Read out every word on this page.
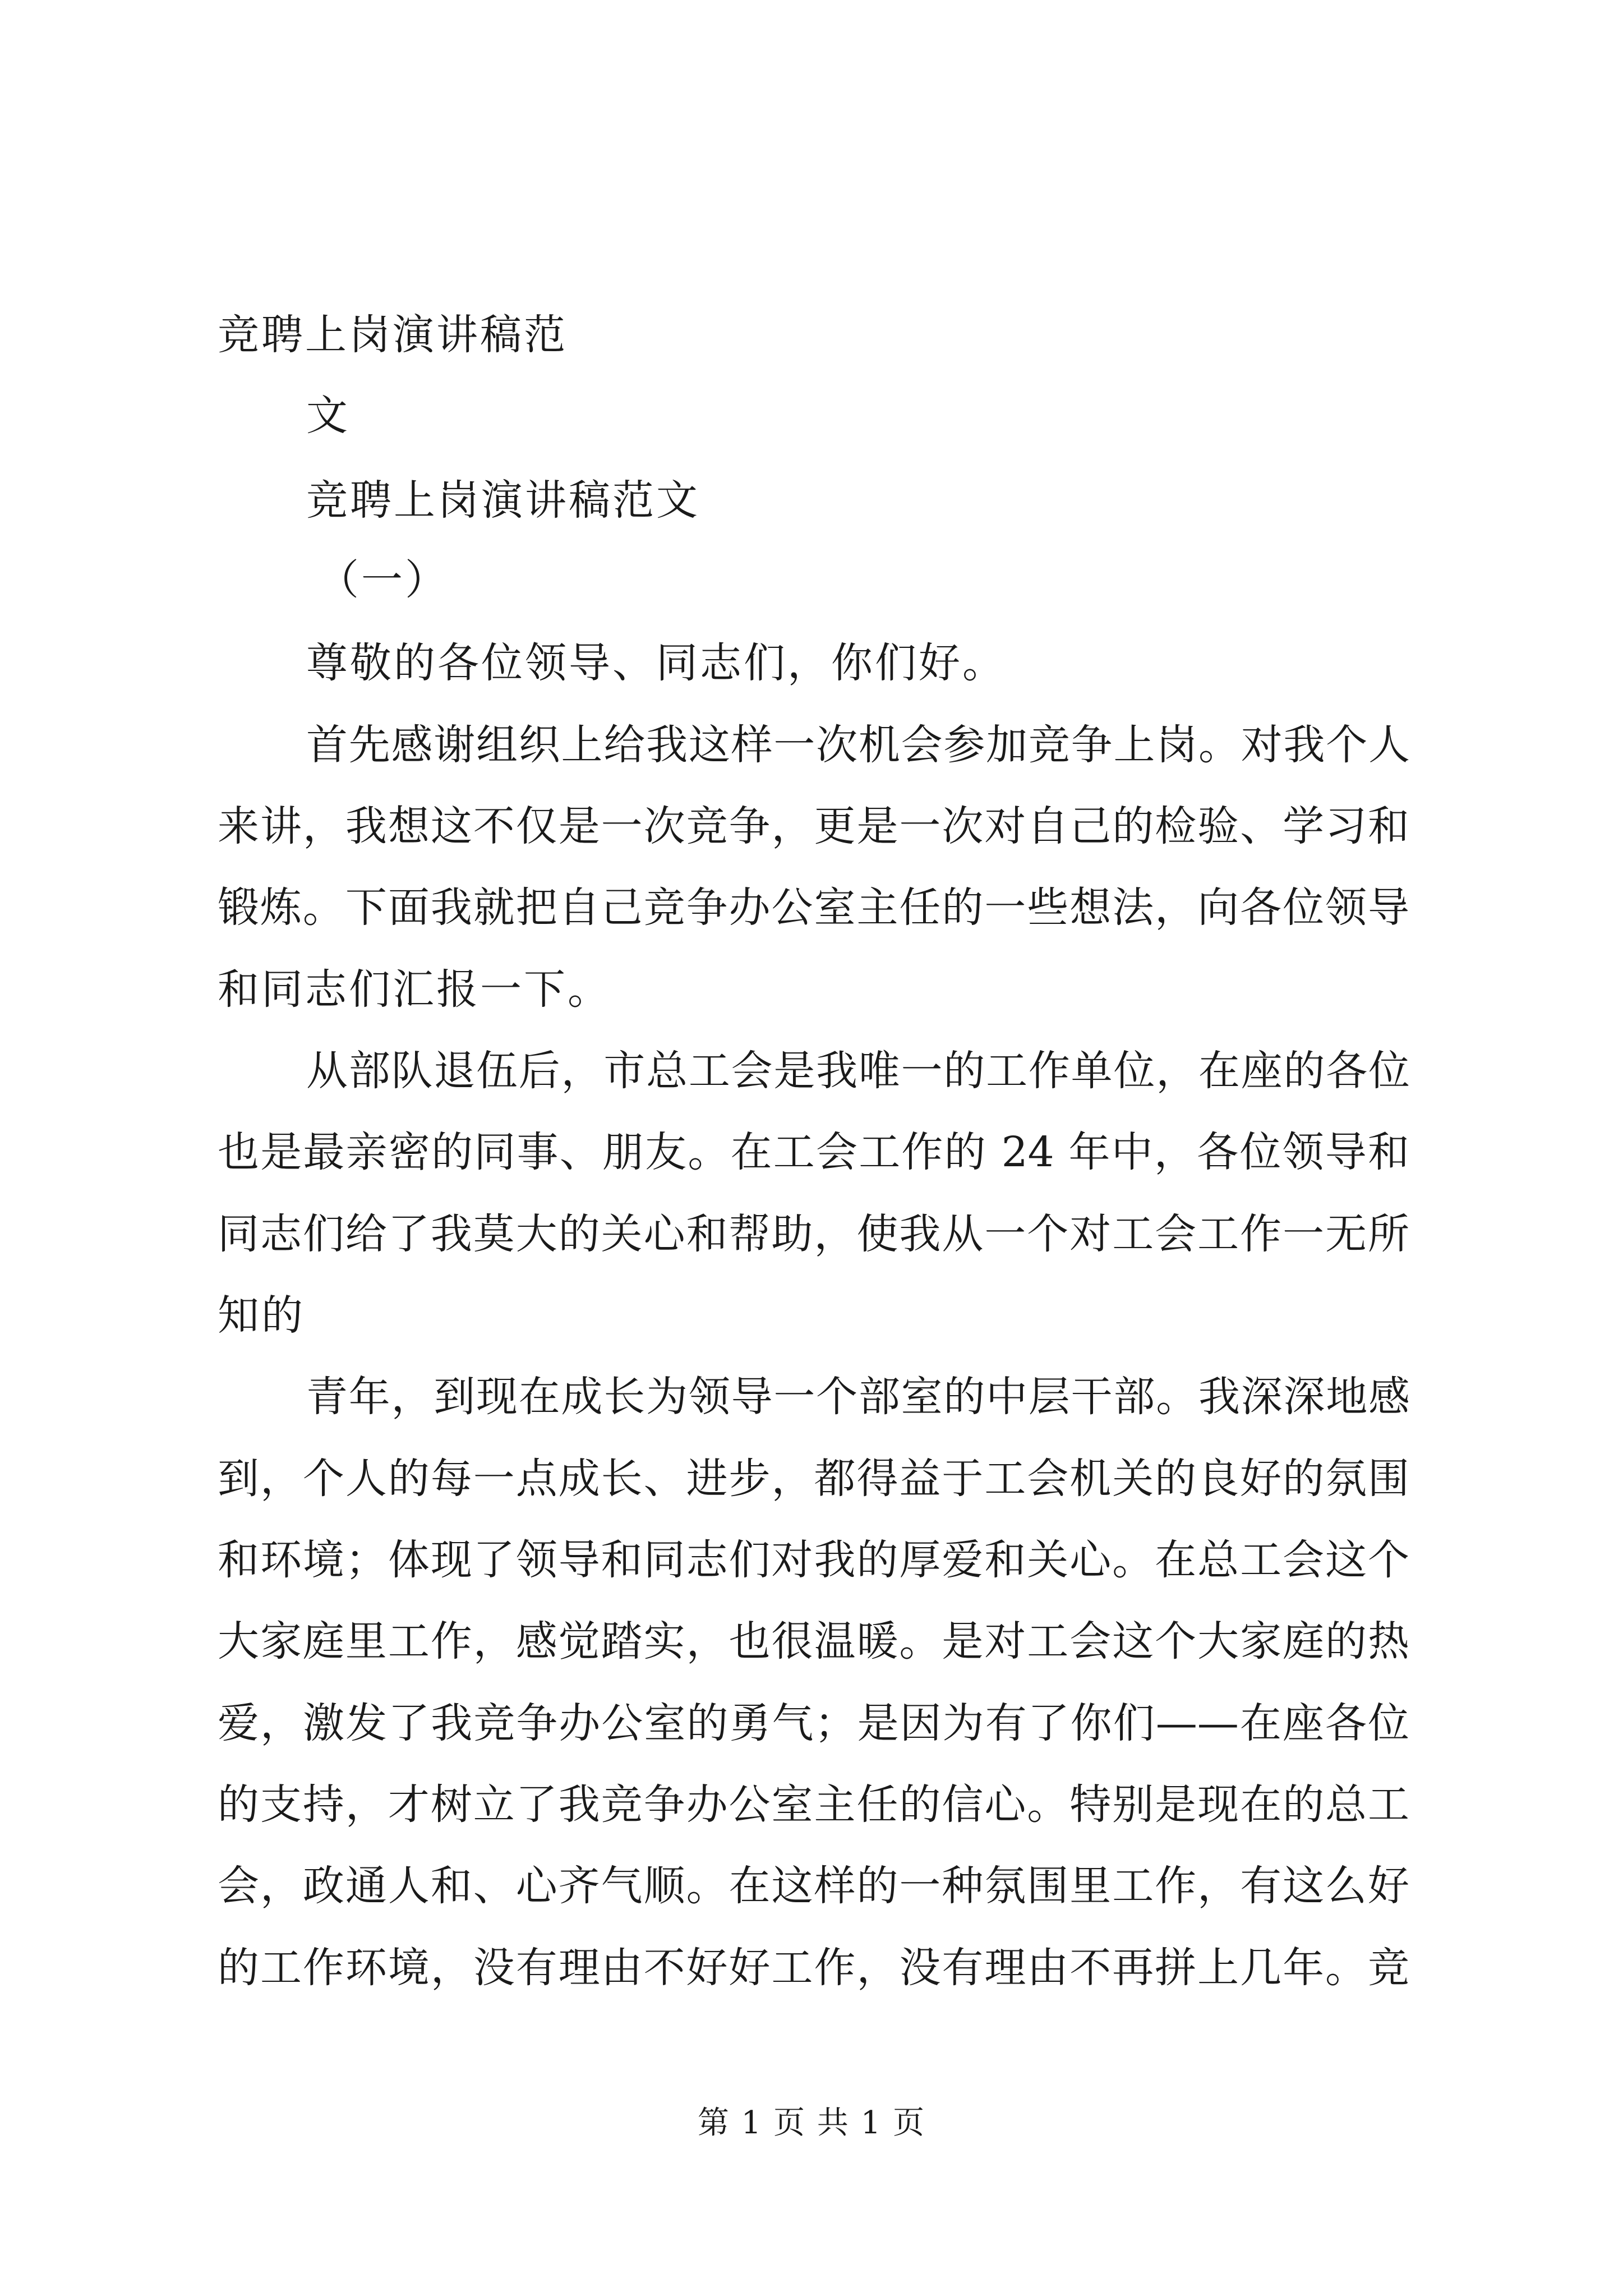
竞聘上岗演讲稿范
文
竞聘上岗演讲稿范文
（一）
尊敬的各位领导、同志们，你们好。
首先感谢组织上给我这样一次机会参加竞争上岗。对我个人
来讲，我想这不仅是一次竞争，更是一次对自己的检验、学习和
锻炼。下面我就把自己竞争办公室主任的一些想法，向各位领导
和同志们汇报一下。
从部队退伍后，市总工会是我唯一的工作单位，在座的各位
也是最亲密的同事、朋友。在工会工作的 24 年中，各位领导和
同志们给了我莫大的关心和帮助，使我从一个对工会工作一无所
知的
青年，到现在成长为领导一个部室的中层干部。我深深地感
到，个人的每一点成长、进步，都得益于工会机关的良好的氛围
和环境；体现了领导和同志们对我的厚爱和关心。在总工会这个
大家庭里工作，感觉踏实，也很温暖。是对工会这个大家庭的热
爱，激发了我竞争办公室的勇气；是因为有了你们——在座各位
的支持，才树立了我竞争办公室主任的信心。特别是现在的总工
会，政通人和、心齐气顺。在这样的一种氛围里工作，有这么好
的工作环境，没有理由不好好工作，没有理由不再拼上几年。竞
第 1 页 共 1 页
